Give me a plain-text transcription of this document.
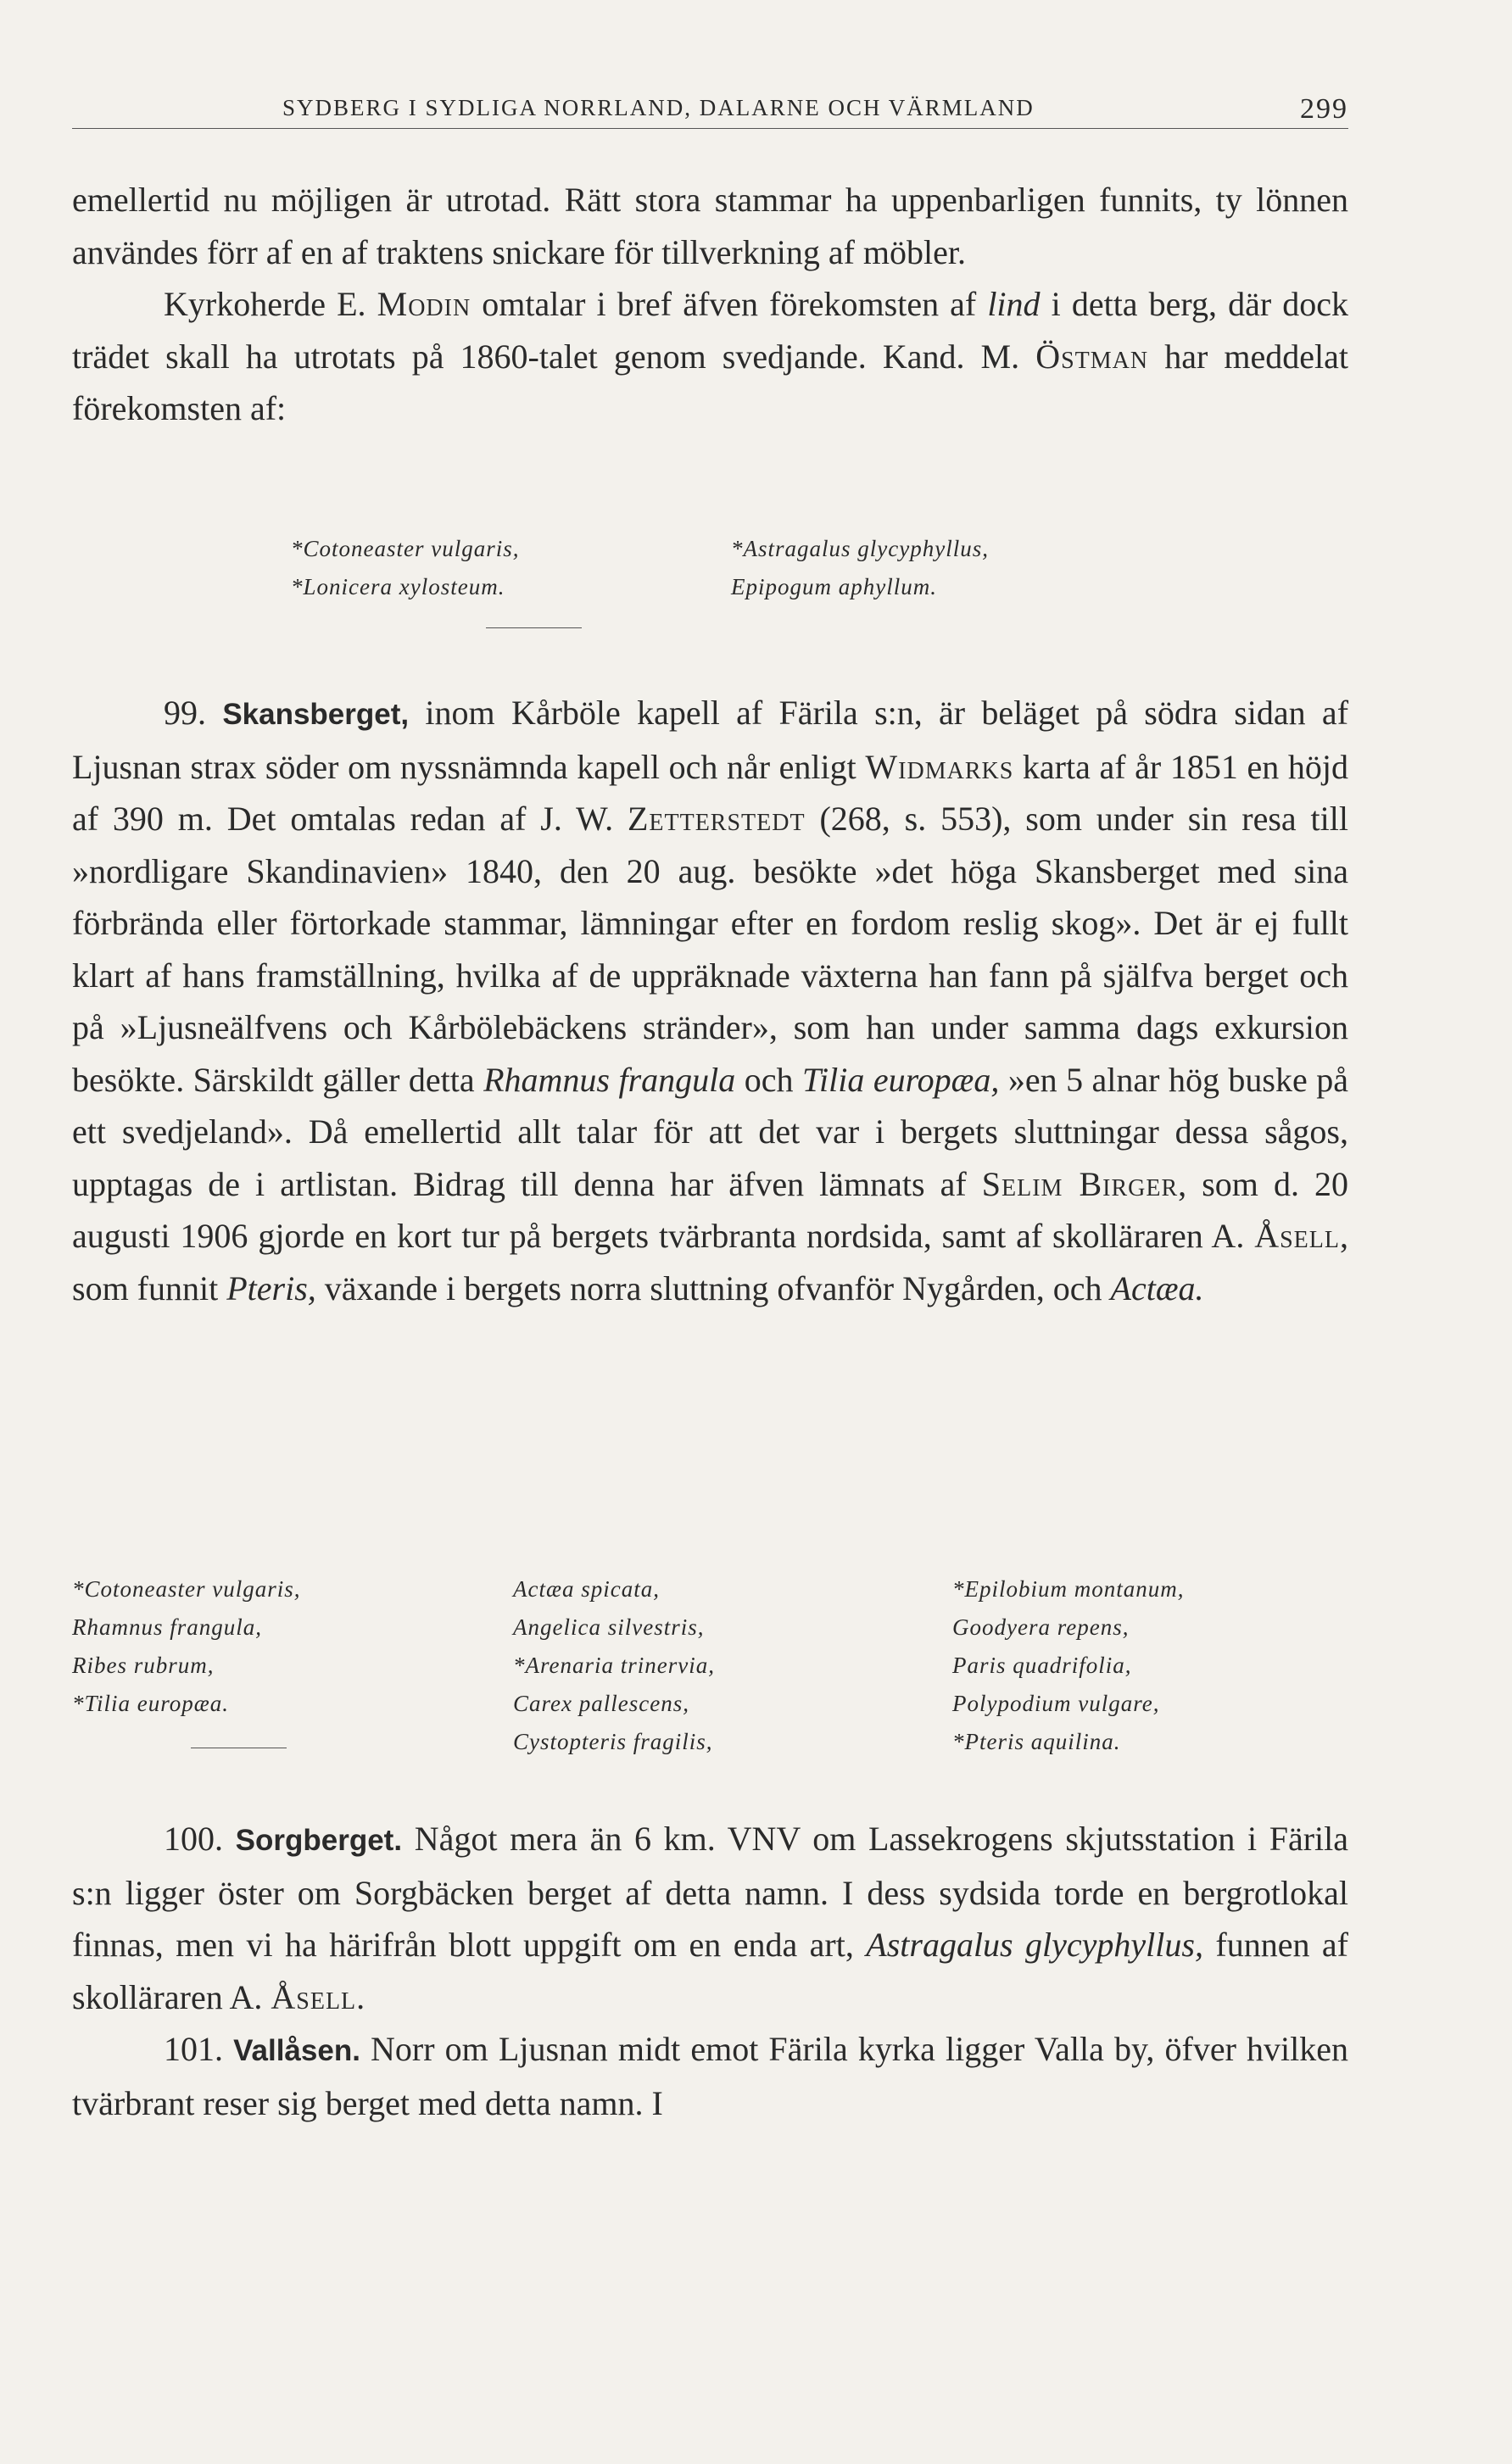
SYDBERG I SYDLIGA NORRLAND, DALARNE OCH VÄRMLAND	299

emellertid nu möjligen är utrotad. Rätt stora stammar ha uppenbarligen funnits, ty lönnen användes förr af en af traktens snickare för tillverkning af möbler.

Kyrkoherde E. Modin omtalar i bref äfven förekomsten af lind i detta berg, där dock trädet skall ha utrotats på 1860-talet genom svedjande. Kand. M. Östman har meddelat förekomsten af:

*Cotoneaster vulgaris,
*Lonicera xylosteum.
*Astragalus glycyphyllus,
Epipogum aphyllum.

99. Skansberget, inom Kårböle kapell af Färila s:n, är beläget på södra sidan af Ljusnan strax söder om nyssnämnda kapell och når enligt Widmarks karta af år 1851 en höjd af 390 m. Det omtalas redan af J. W. Zetterstedt (268, s. 553), som under sin resa till »nordligare Skandinavien» 1840, den 20 aug. besökte »det höga Skansberget med sina förbrända eller förtorkade stammar, lämningar efter en fordom reslig skog». Det är ej fullt klart af hans framställning, hvilka af de uppräknade växterna han fann på själfva berget och på »Ljusneälfvens och Kårbölebäckens stränder», som han under samma dags exkursion besökte. Särskildt gäller detta Rhamnus frangula och Tilia europæa, »en 5 alnar hög buske på ett svedjeland». Då emellertid allt talar för att det var i bergets sluttningar dessa sågos, upptagas de i artlistan. Bidrag till denna har äfven lämnats af Selim Birger, som d. 20 augusti 1906 gjorde en kort tur på bergets tvärbranta nordsida, samt af skolläraren A. Åsell, som funnit Pteris, växande i bergets norra sluttning ofvanför Nygården, och Actæa.

*Cotoneaster vulgaris,
Rhamnus frangula,
Ribes rubrum,
*Tilia europæa.
Actæa spicata,
Angelica silvestris,
*Arenaria trinervia,
Carex pallescens,
Cystopteris fragilis,
*Epilobium montanum,
Goodyera repens,
Paris quadrifolia,
Polypodium vulgare,
*Pteris aquilina.

100. Sorgberget. Något mera än 6 km. VNV om Lassekrogens skjutsstation i Färila s:n ligger öster om Sorgbäcken berget af detta namn. I dess sydsida torde en bergrotlokal finnas, men vi ha härifrån blott uppgift om en enda art, Astragalus glycyphyllus, funnen af skolläraren A. Åsell.

101. Vallåsen. Norr om Ljusnan midt emot Färila kyrka ligger Valla by, öfver hvilken tvärbrant reser sig berget med detta namn. I
